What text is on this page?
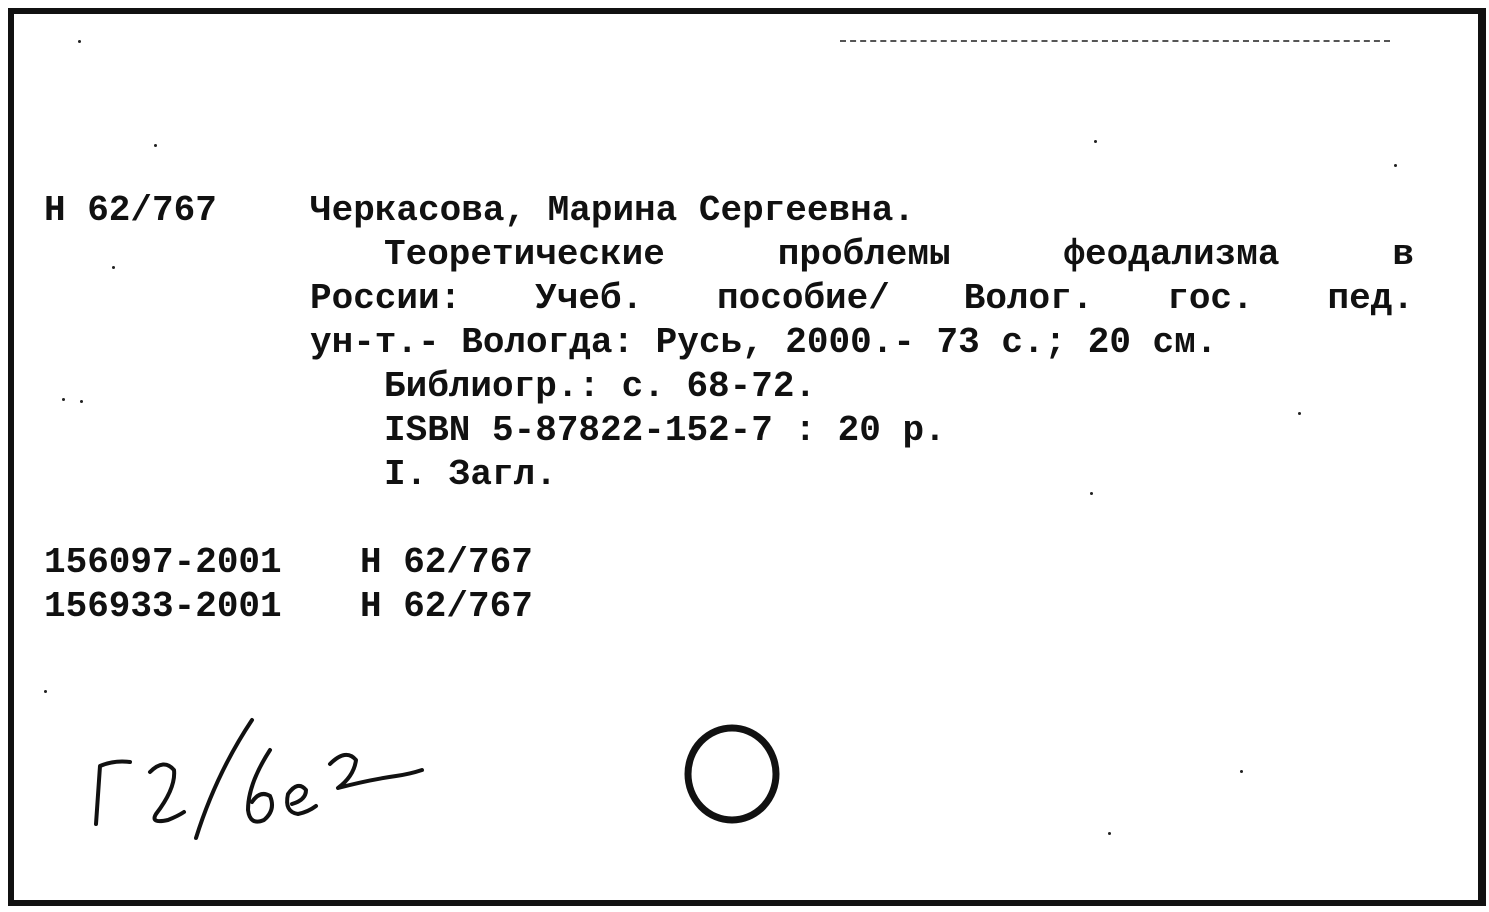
Н 62/767	Черкасова, Марина Сергеевна.
Теоретические	проблемы	феодализма	в
России: Учеб. пособие/ Волог. гос. пед.
ун-т.- Вологда: Русь, 2000.- 73 с.; 20 см.
Библиогр.: с. 68-72.
ISBN 5-87822-152-7 : 20 р.
I. Загл.
156097-2001 Н 62/767
156933-2001 Н 62/767
